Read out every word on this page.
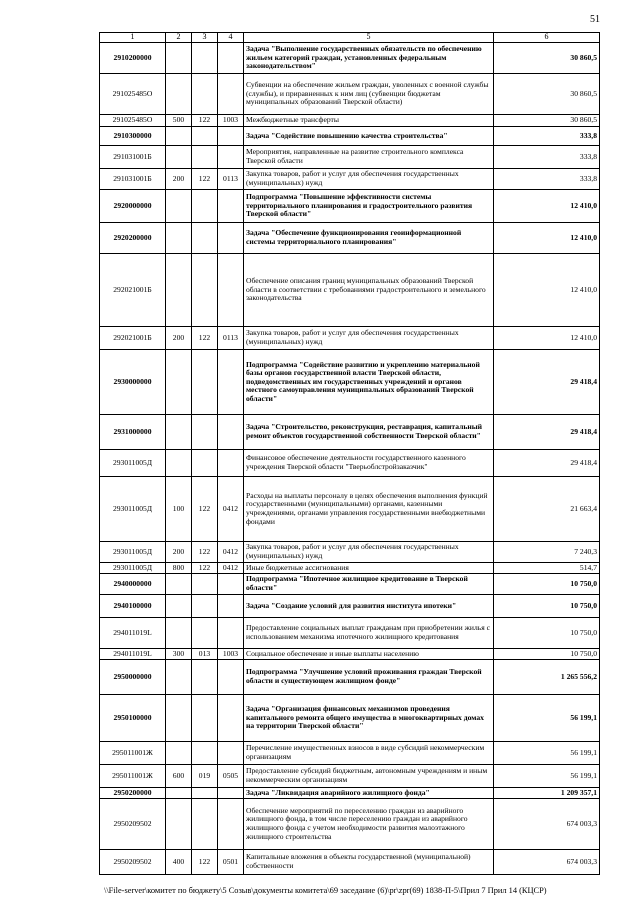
51
1	2	3	4	5	6
2910200000				Задача "Выполнение государственных обязательств по обеспечению жильем категорий граждан, установленных федеральным законодательством"	30 860,5
291025485О				Субвенции на обеспечение жильем граждан, уволенных с военной службы (службы), и приравненных к ним лиц (субвенции бюджетам муниципальных образований Тверской области)	30 860,5
291025485О	500	122	1003	Межбюджетные трансферты	30 860,5
2910300000				Задача "Содействие повышению качества строительства"	333,8
291031001Б				Мероприятия, направленные на развитие строительного комплекса Тверской области	333,8
291031001Б	200	122	0113	Закупка товаров, работ и услуг для обеспечения государственных (муниципальных) нужд	333,8
2920000000				Подпрограмма "Повышение эффективности системы территориального планирования и градостроительного развития Тверской области"	12 410,0
2920200000				Задача "Обеспечение функционирования геоинформационной системы территориального планирования"	12 410,0
292021001Б				Обеспечение описания границ муниципальных образований Тверской области в соответствии с требованиями градостроительного и земельного законодательства	12 410,0
292021001Б	200	122	0113	Закупка товаров, работ и услуг для обеспечения государственных (муниципальных) нужд	12 410,0
2930000000				Подпрограмма "Содействие развитию и укреплению материальной базы органов государственной власти Тверской области, подведомственных им государственных учреждений и органов местного самоуправления муниципальных образований Тверской области"	29 418,4
2931000000				Задача "Строительство, реконструкция, реставрация, капитальный ремонт объектов государственной собственности Тверской области"	29 418,4
293011005Д				Финансовое обеспечение деятельности государственного казенного учреждения Тверской области "Тверьоблстройзаказчик"	29 418,4
293011005Д	100	122	0412	Расходы на выплаты персоналу в целях обеспечения выполнения функций государственными (муниципальными) органами, казенными учреждениями, органами управления государственными внебюджетными фондами	21 663,4
293011005Д	200	122	0412	Закупка товаров, работ и услуг для обеспечения государственных (муниципальных) нужд	7 240,3
293011005Д	800	122	0412	Иные бюджетные ассигнования	514,7
2940000000				Подпрограмма "Ипотечное жилищное кредитование в Тверской области"	10 750,0
2940100000				Задача "Создание условий для развития института ипотеки"	10 750,0
294011019L				Предоставление социальных выплат гражданам при приобретении жилья с использованием механизма ипотечного жилищного кредитования	10 750,0
294011019L	300	013	1003	Социальное обеспечение и иные выплаты населению	10 750,0
2950000000				Подпрограмма "Улучшение условий проживания граждан Тверской области и существующем жилищном фонде"	1 265 556,2
2950100000				Задача "Организация финансовых механизмов проведения капитального ремонта общего имущества в многоквартирных домах на территории Тверской области"	56 199,1
295011001Ж				Перечисление имущественных взносов в виде субсидий некоммерческим организациям	56 199,1
295011001Ж	600	019	0505	Предоставление субсидий бюджетным, автономным учреждениям и иным некоммерческим организациям	56 199,1
2950200000				Задача "Ликвидация аварийного жилищного фонда"	1 209 357,1
2950209502				Обеспечение мероприятий по переселению граждан из аварийного жилищного фонда, в том числе переселению граждан из аварийного жилищного фонда с учетом необходимости развития малоэтажного жилищного строительства	674 003,3
2950209502	400	122	0501	Капитальные вложения в объекты государственной (муниципальной) собственности	674 003,3
\\File-server\комитет по бюджету\5 Созыв\документы комитета\69 заседание (6)\pr\zpr(69) 1838-П-5\Прил 7 Прил 14 (КЦСР)
